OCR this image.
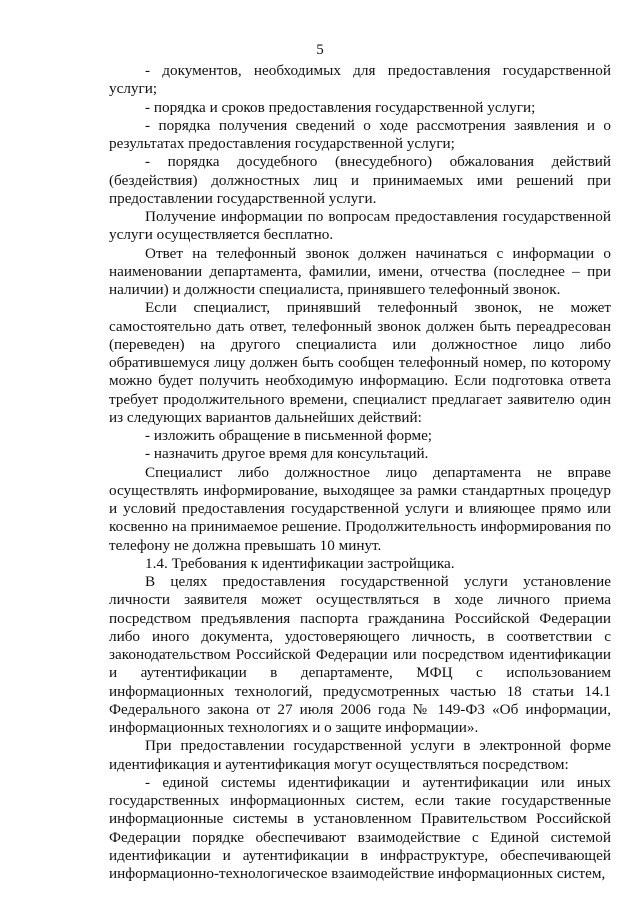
5

- документов, необходимых для предоставления государственной услуги;

- порядка и сроков предоставления государственной услуги;

- порядка получения сведений о ходе рассмотрения заявления и о результатах предоставления государственной услуги;

- порядка досудебного (внесудебного) обжалования действий (бездействия) должностных лиц и принимаемых ими решений при предоставлении государственной услуги.

Получение информации по вопросам предоставления государственной услуги осуществляется бесплатно.

Ответ на телефонный звонок должен начинаться с информации о наименовании департамента, фамилии, имени, отчества (последнее – при наличии) и должности специалиста, принявшего телефонный звонок.

Если специалист, принявший телефонный звонок, не может самостоятельно дать ответ, телефонный звонок должен быть переадресован (переведен) на другого специалиста или должностное лицо либо обратившемуся лицу должен быть сообщен телефонный номер, по которому можно будет получить необходимую информацию. Если подготовка ответа требует продолжительного времени, специалист предлагает заявителю один из следующих вариантов дальнейших действий:

- изложить обращение в письменной форме;

- назначить другое время для консультаций.

Специалист либо должностное лицо департамента не вправе осуществлять информирование, выходящее за рамки стандартных процедур и условий предоставления государственной услуги и влияющее прямо или косвенно на принимаемое решение. Продолжительность информирования по телефону не должна превышать 10 минут.

1.4. Требования к идентификации застройщика.

В целях предоставления государственной услуги установление личности заявителя может осуществляться в ходе личного приема посредством предъявления паспорта гражданина Российской Федерации либо иного документа, удостоверяющего личность, в соответствии с законодательством Российской Федерации или посредством идентификации и аутентификации в департаменте, МФЦ с использованием информационных технологий, предусмотренных частью 18 статьи 14.1 Федерального закона от 27 июля 2006 года № 149-ФЗ «Об информации, информационных технологиях и о защите информации».

При предоставлении государственной услуги в электронной форме идентификация и аутентификация могут осуществляться посредством:

- единой системы идентификации и аутентификации или иных государственных информационных систем, если такие государственные информационные системы в установленном Правительством Российской Федерации порядке обеспечивают взаимодействие с Единой системой идентификации и аутентификации в инфраструктуре, обеспечивающей информационно-технологическое взаимодействие информационных систем,
